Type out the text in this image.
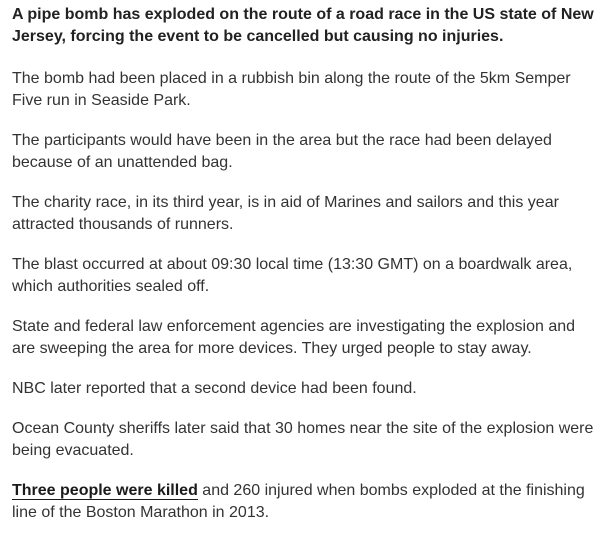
A pipe bomb has exploded on the route of a road race in the US state of New Jersey, forcing the event to be cancelled but causing no injuries.

The bomb had been placed in a rubbish bin along the route of the 5km Semper Five run in Seaside Park.

The participants would have been in the area but the race had been delayed because of an unattended bag.

The charity race, in its third year, is in aid of Marines and sailors and this year attracted thousands of runners.

The blast occurred at about 09:30 local time (13:30 GMT) on a boardwalk area, which authorities sealed off.

State and federal law enforcement agencies are investigating the explosion and are sweeping the area for more devices. They urged people to stay away.

NBC later reported that a second device had been found.

Ocean County sheriffs later said that 30 homes near the site of the explosion were being evacuated.

Three people were killed and 260 injured when bombs exploded at the finishing line of the Boston Marathon in 2013.
